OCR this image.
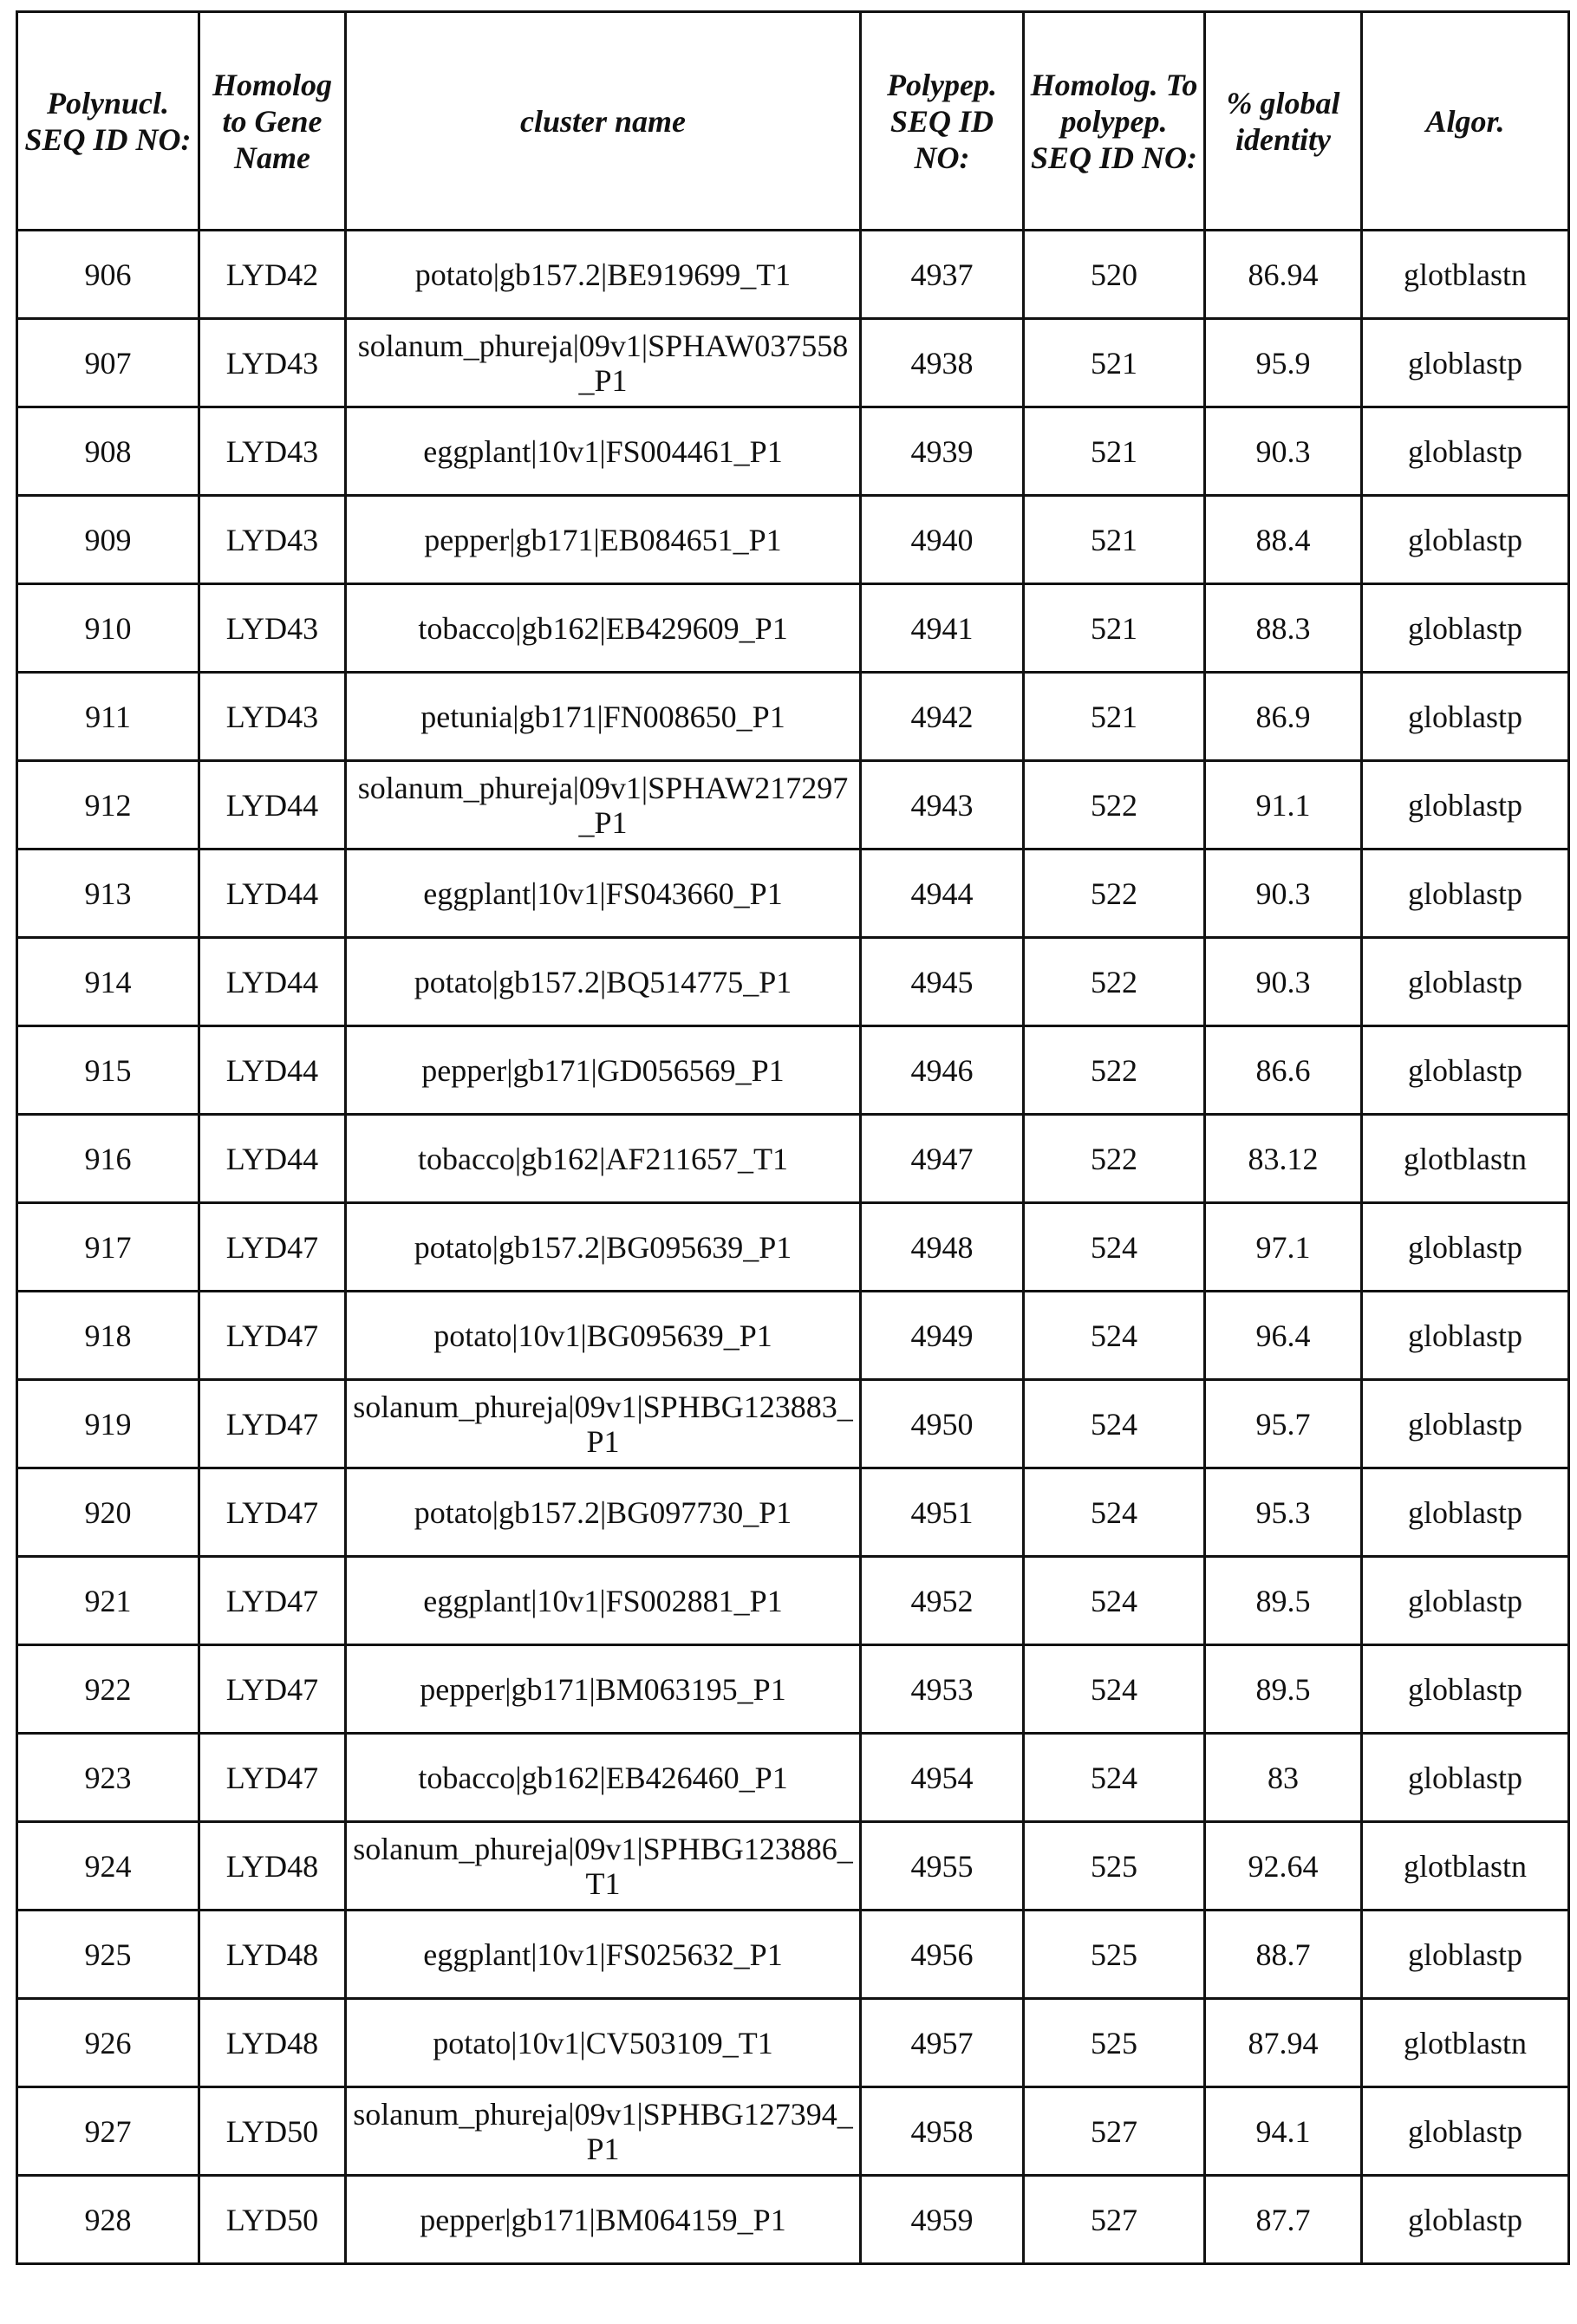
Polynucl. SEQ ID NO:	Homolog to Gene Name	cluster name	Polypep. SEQ ID NO:	Homolog. To polypep. SEQ ID NO:	% global identity	Algor.
906	LYD42	potato|gb157.2|BE919699_T1	4937	520	86.94	glotblastn
907	LYD43	solanum_phureja|09v1|SPHAW037558_P1	4938	521	95.9	globlastp
908	LYD43	eggplant|10v1|FS004461_P1	4939	521	90.3	globlastp
909	LYD43	pepper|gb171|EB084651_P1	4940	521	88.4	globlastp
910	LYD43	tobacco|gb162|EB429609_P1	4941	521	88.3	globlastp
911	LYD43	petunia|gb171|FN008650_P1	4942	521	86.9	globlastp
912	LYD44	solanum_phureja|09v1|SPHAW217297_P1	4943	522	91.1	globlastp
913	LYD44	eggplant|10v1|FS043660_P1	4944	522	90.3	globlastp
914	LYD44	potato|gb157.2|BQ514775_P1	4945	522	90.3	globlastp
915	LYD44	pepper|gb171|GD056569_P1	4946	522	86.6	globlastp
916	LYD44	tobacco|gb162|AF211657_T1	4947	522	83.12	glotblastn
917	LYD47	potato|gb157.2|BG095639_P1	4948	524	97.1	globlastp
918	LYD47	potato|10v1|BG095639_P1	4949	524	96.4	globlastp
919	LYD47	solanum_phureja|09v1|SPHBG123883_P1	4950	524	95.7	globlastp
920	LYD47	potato|gb157.2|BG097730_P1	4951	524	95.3	globlastp
921	LYD47	eggplant|10v1|FS002881_P1	4952	524	89.5	globlastp
922	LYD47	pepper|gb171|BM063195_P1	4953	524	89.5	globlastp
923	LYD47	tobacco|gb162|EB426460_P1	4954	524	83	globlastp
924	LYD48	solanum_phureja|09v1|SPHBG123886_T1	4955	525	92.64	glotblastn
925	LYD48	eggplant|10v1|FS025632_P1	4956	525	88.7	globlastp
926	LYD48	potato|10v1|CV503109_T1	4957	525	87.94	glotblastn
927	LYD50	solanum_phureja|09v1|SPHBG127394_P1	4958	527	94.1	globlastp
928	LYD50	pepper|gb171|BM064159_P1	4959	527	87.7	globlastp
